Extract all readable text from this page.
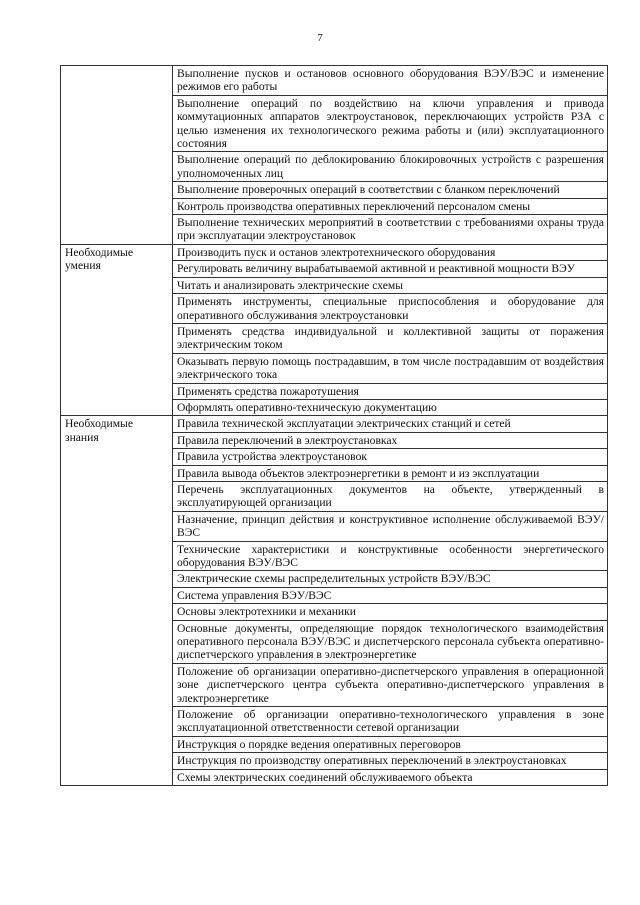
7
	Выполнение пусков и остановов основного оборудования ВЭУ/ВЭС и изменение режимов его работы
	Выполнение операций по воздействию на ключи управления и привода коммутационных аппаратов электроустановок, переключающих устройств РЗА с целью изменения их технологического режима работы и (или) эксплуатационного состояния
	Выполнение операций по деблокированию блокировочных устройств с разрешения уполномоченных лиц
	Выполнение проверочных операций в соответствии с бланком переключений
	Контроль производства оперативных переключений персоналом смены
	Выполнение технических мероприятий в соответствии с требованиями охраны труда при эксплуатации электроустановок
Необходимые умения	Производить пуск и останов электротехнического оборудования
	Регулировать величину вырабатываемой активной и реактивной мощности ВЭУ
	Читать и анализировать электрические схемы
	Применять инструменты, специальные приспособления и оборудование для оперативного обслуживания электроустановки
	Применять средства индивидуальной и коллективной защиты от поражения электрическим током
	Оказывать первую помощь пострадавшим, в том числе пострадавшим от воздействия электрического тока
	Применять средства пожаротушения
	Оформлять оперативно-техническую документацию
Необходимые знания	Правила технической эксплуатации электрических станций и сетей
	Правила переключений в электроустановках
	Правила устройства электроустановок
	Правила вывода объектов электроэнергетики в ремонт и из эксплуатации
	Перечень эксплуатационных документов на объекте, утвержденный в эксплуатирующей организации
	Назначение, принцип действия и конструктивное исполнение обслуживаемой ВЭУ/ВЭС
	Технические характеристики и конструктивные особенности энергетического оборудования ВЭУ/ВЭС
	Электрические схемы распределительных устройств ВЭУ/ВЭС
	Система управления ВЭУ/ВЭС
	Основы электротехники и механики
	Основные документы, определяющие порядок технологического взаимодействия оперативного персонала ВЭУ/ВЭС и диспетчерского персонала субъекта оперативно-диспетчерского управления в электроэнергетике
	Положение об организации оперативно-диспетчерского управления в операционной зоне диспетчерского центра субъекта оперативно-диспетчерского управления в электроэнергетике
	Положение об организации оперативно-технологического управления в зоне эксплуатационной ответственности сетевой организации
	Инструкция о порядке ведения оперативных переговоров
	Инструкция по производству оперативных переключений в электроустановках
	Схемы электрических соединений обслуживаемого объекта
